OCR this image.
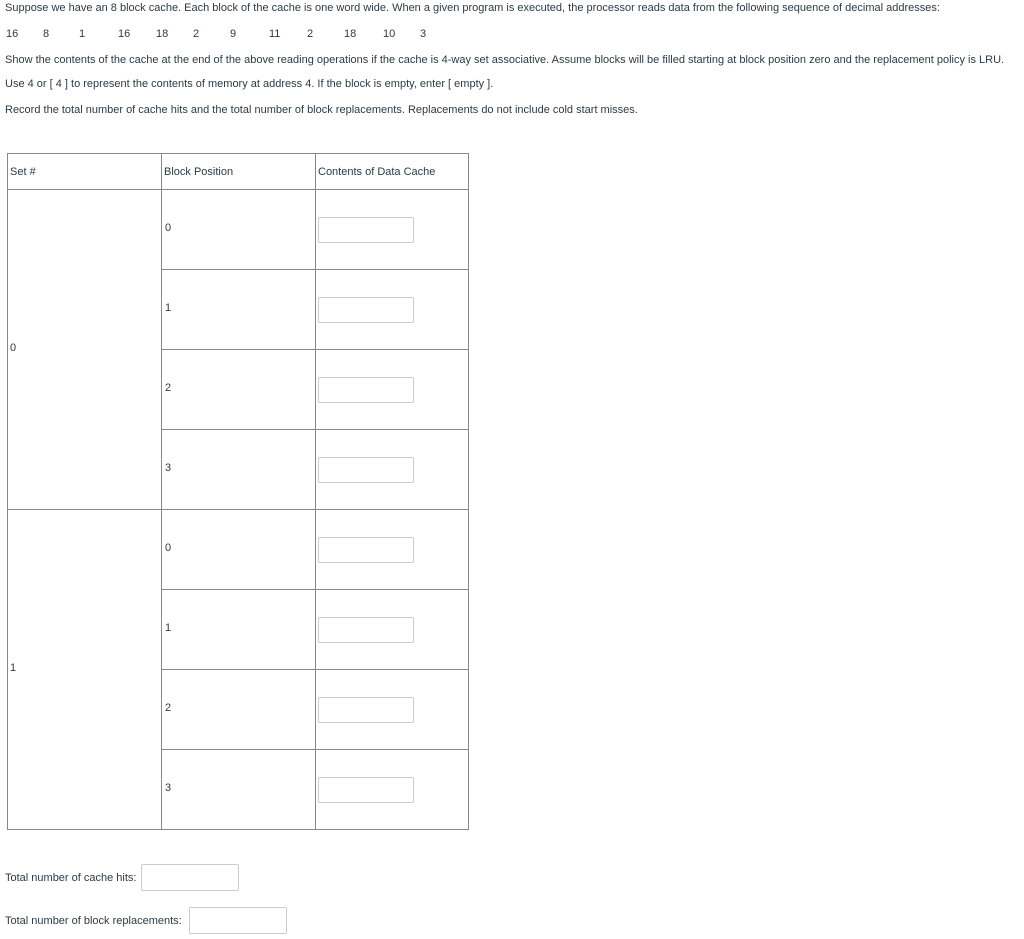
Suppose we have an 8 block cache. Each block of the cache is one word wide. When a given program is executed, the processor reads data from the following sequence of decimal addresses:
16 8	1	16 18 2	9	11 2	18 10 3
Show the contents of the cache at the end of the above reading operations if the cache is 4-way set associative. Assume blocks will be filled starting at block position zero and the replacement policy is LRU.
Use 4 or [ 4 ] to represent the contents of memory at address 4. If the block is empty, enter [ empty ].
Record the total number of cache hits and the total number of block replacements. Replacements do not include cold start misses.
Set #	Block Position	Contents of Data Cache

0	0

	1

	2

	3

1	0

	1

	2

	3

Total number of cache hits:
Total number of block replacements:
